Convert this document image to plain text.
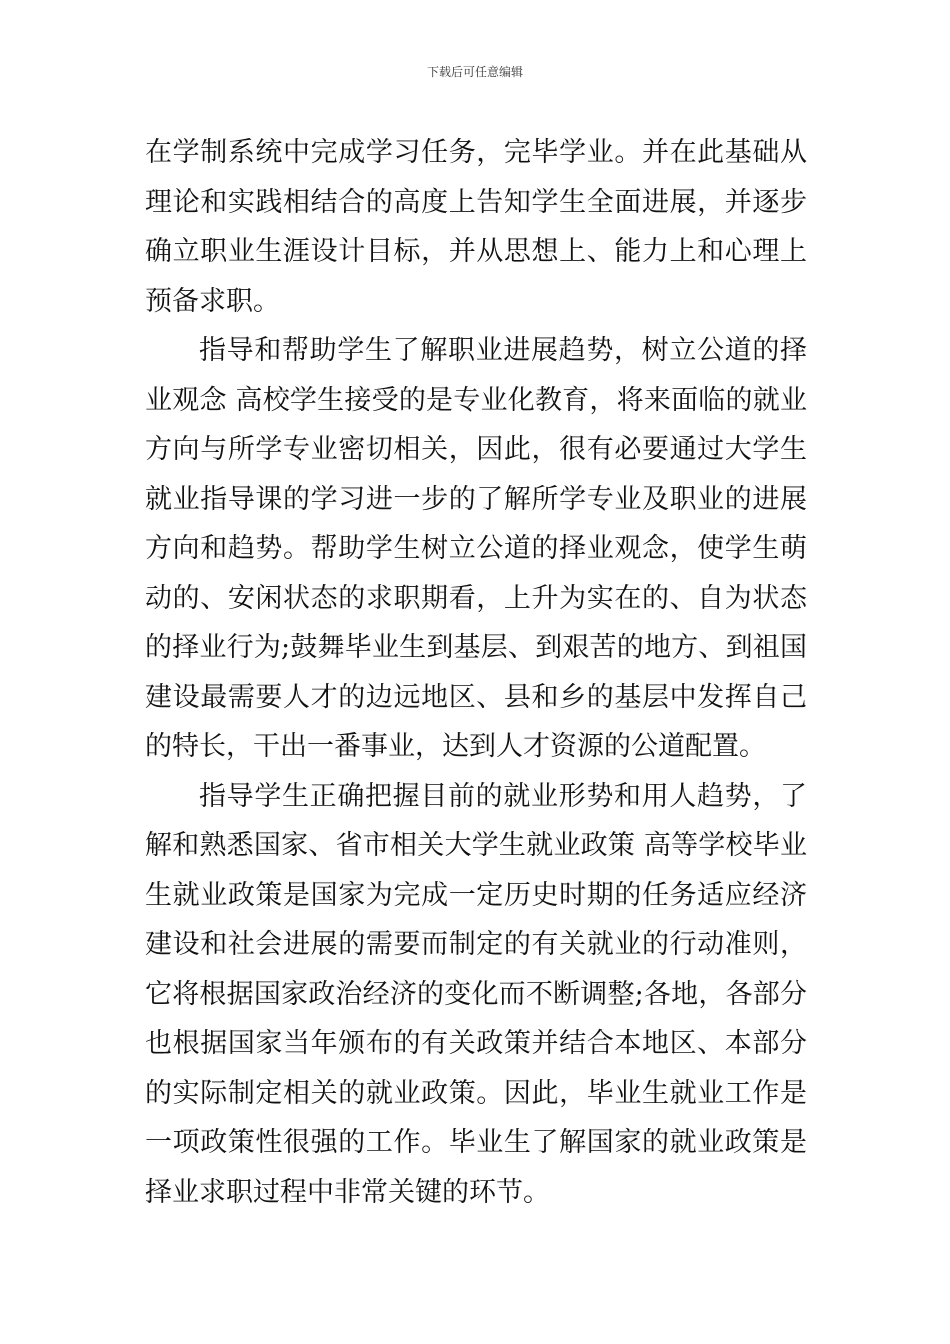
下载后可任意编辑

在学制系统中完成学习任务，完毕学业。并在此基础从理论和实践相结合的高度上告知学生全面进展，并逐步确立职业生涯设计目标，并从思想上、能力上和心理上预备求职。

指导和帮助学生了解职业进展趋势，树立公道的择业观念 高校学生接受的是专业化教育，将来面临的就业方向与所学专业密切相关，因此，很有必要通过大学生就业指导课的学习进一步的了解所学专业及职业的进展方向和趋势。帮助学生树立公道的择业观念，使学生萌动的、安闲状态的求职期看，上升为实在的、自为状态的择业行为;鼓舞毕业生到基层、到艰苦的地方、到祖国建设最需要人才的边远地区、县和乡的基层中发挥自己的特长，干出一番事业，达到人才资源的公道配置。

指导学生正确把握目前的就业形势和用人趋势，了解和熟悉国家、省市相关大学生就业政策 高等学校毕业生就业政策是国家为完成一定历史时期的任务适应经济建设和社会进展的需要而制定的有关就业的行动准则，它将根据国家政治经济的变化而不断调整;各地，各部分也根据国家当年颁布的有关政策并结合本地区、本部分的实际制定相关的就业政策。因此，毕业生就业工作是一项政策性很强的工作。毕业生了解国家的就业政策是择业求职过程中非常关键的环节。
